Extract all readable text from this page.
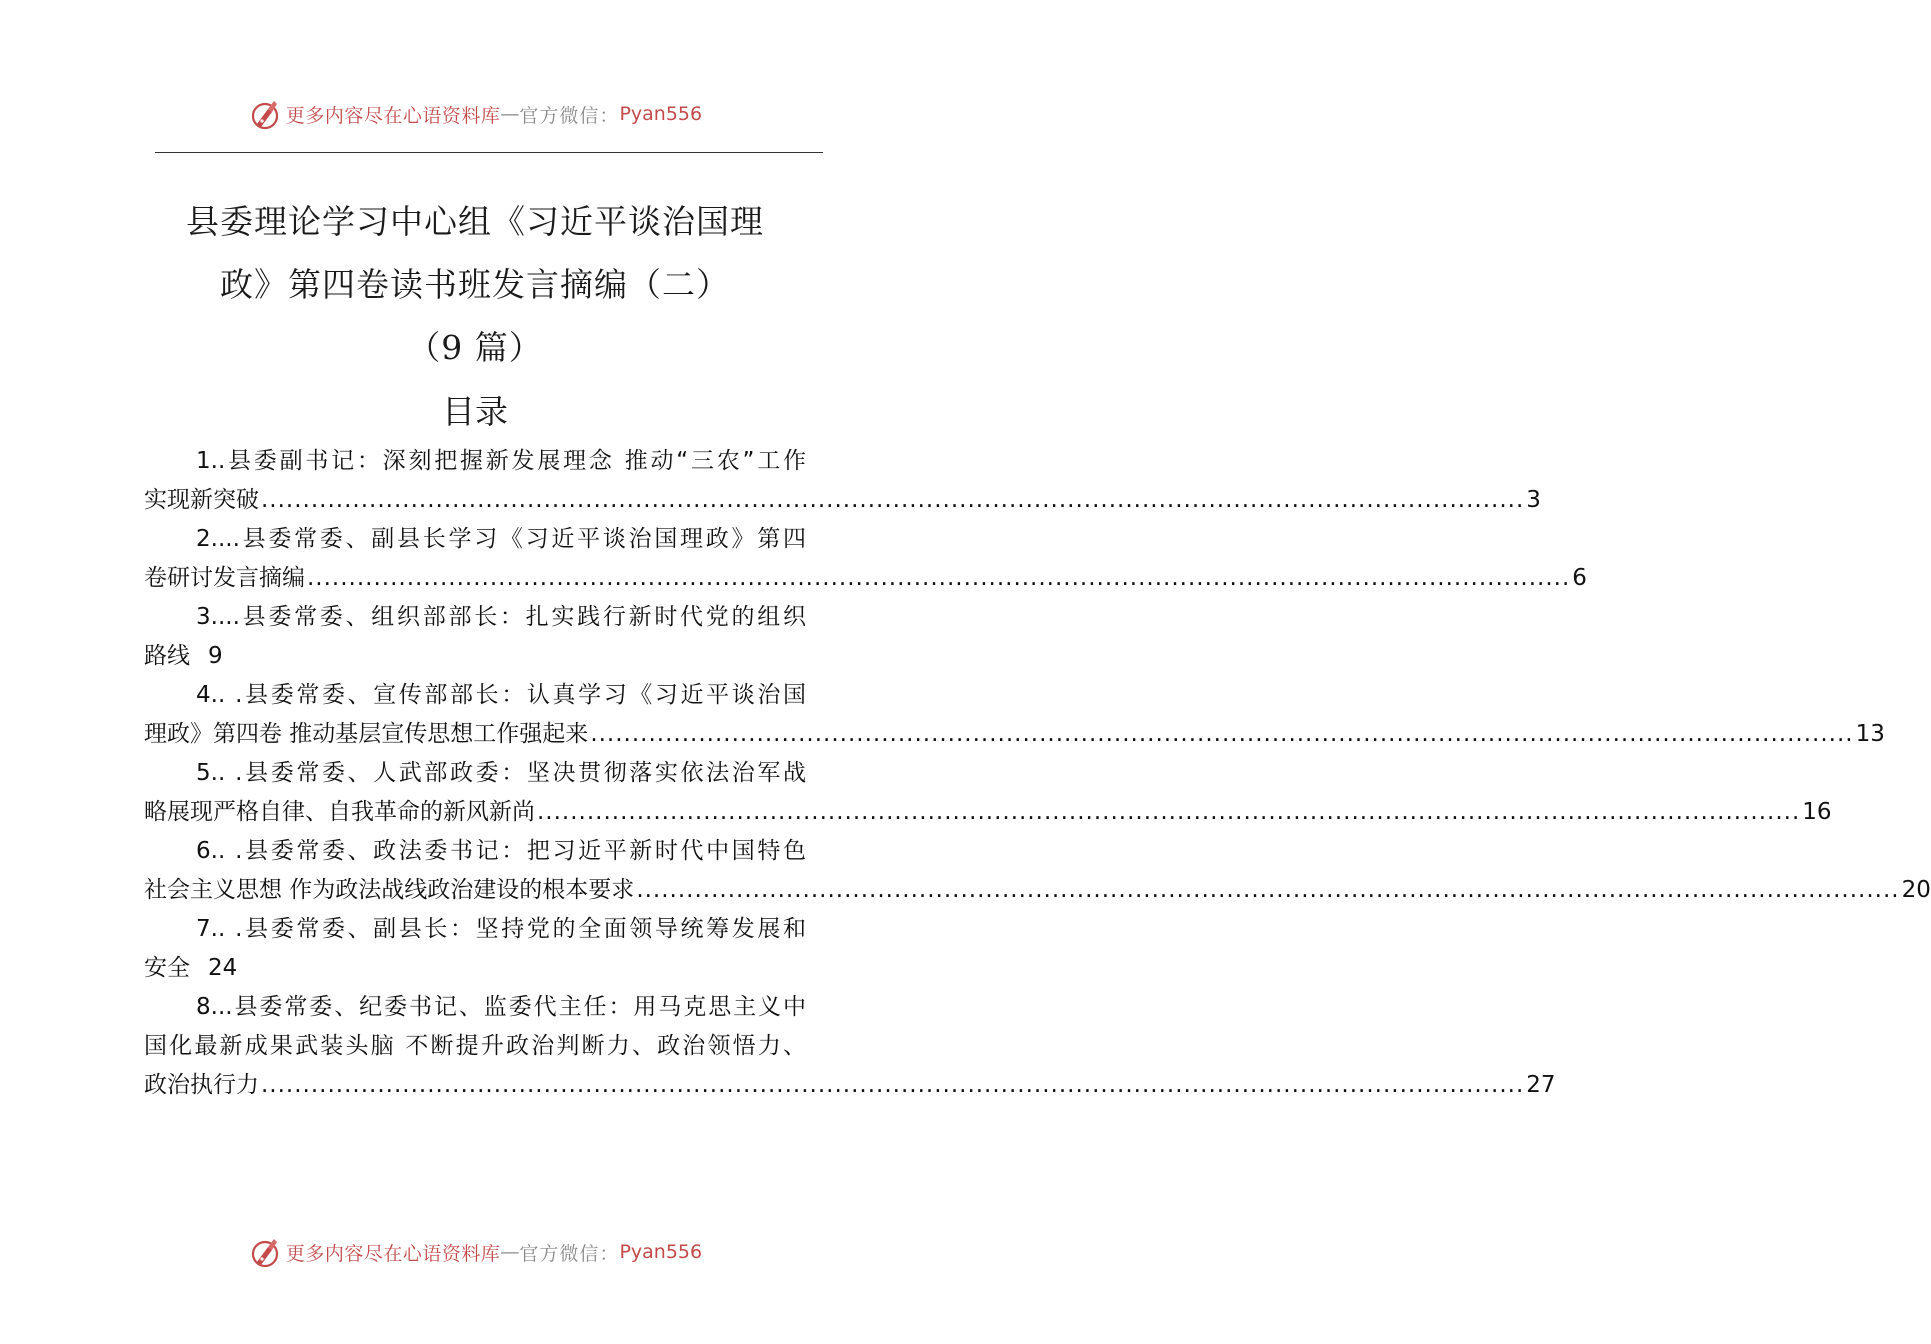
更多内容尽在心语资料库 — 官方微信： Pyan556
县委理论学习中心组《习近平谈治国理
政》第四卷读书班发言摘编（二）
（9 篇）
目录
1..县委副书记：深刻把握新发展理念 推动“三农”工作
实现新突破 ........................................................................................................................................................ 3
2....县委常委、副县长学习《习近平谈治国理政》第四
卷研讨发言摘编 ........................................................................................................................................................ 6
3....县委常委、组织部部长：扎实践行新时代党的组织
路线 9
4.. .县委常委、宣传部部长：认真学习《习近平谈治国
理政》第四卷 推动基层宣传思想工作强起来 ........................................................................................................................................................ 13
5.. .县委常委、人武部政委：坚决贯彻落实依法治军战
略展现严格自律、自我革命的新风新尚 ........................................................................................................................................................ 16
6.. .县委常委、政法委书记：把习近平新时代中国特色
社会主义思想 作为政法战线政治建设的根本要求 ........................................................................................................................................................ 20
7.. .县委常委、副县长：坚持党的全面领导统筹发展和
安全 24
8...县委常委、纪委书记、监委代主任：用马克思主义中
国化最新成果武装头脑 不断提升政治判断力、政治领悟力、
政治执行力 ........................................................................................................................................................ 27
更多内容尽在心语资料库 — 官方微信： Pyan556
